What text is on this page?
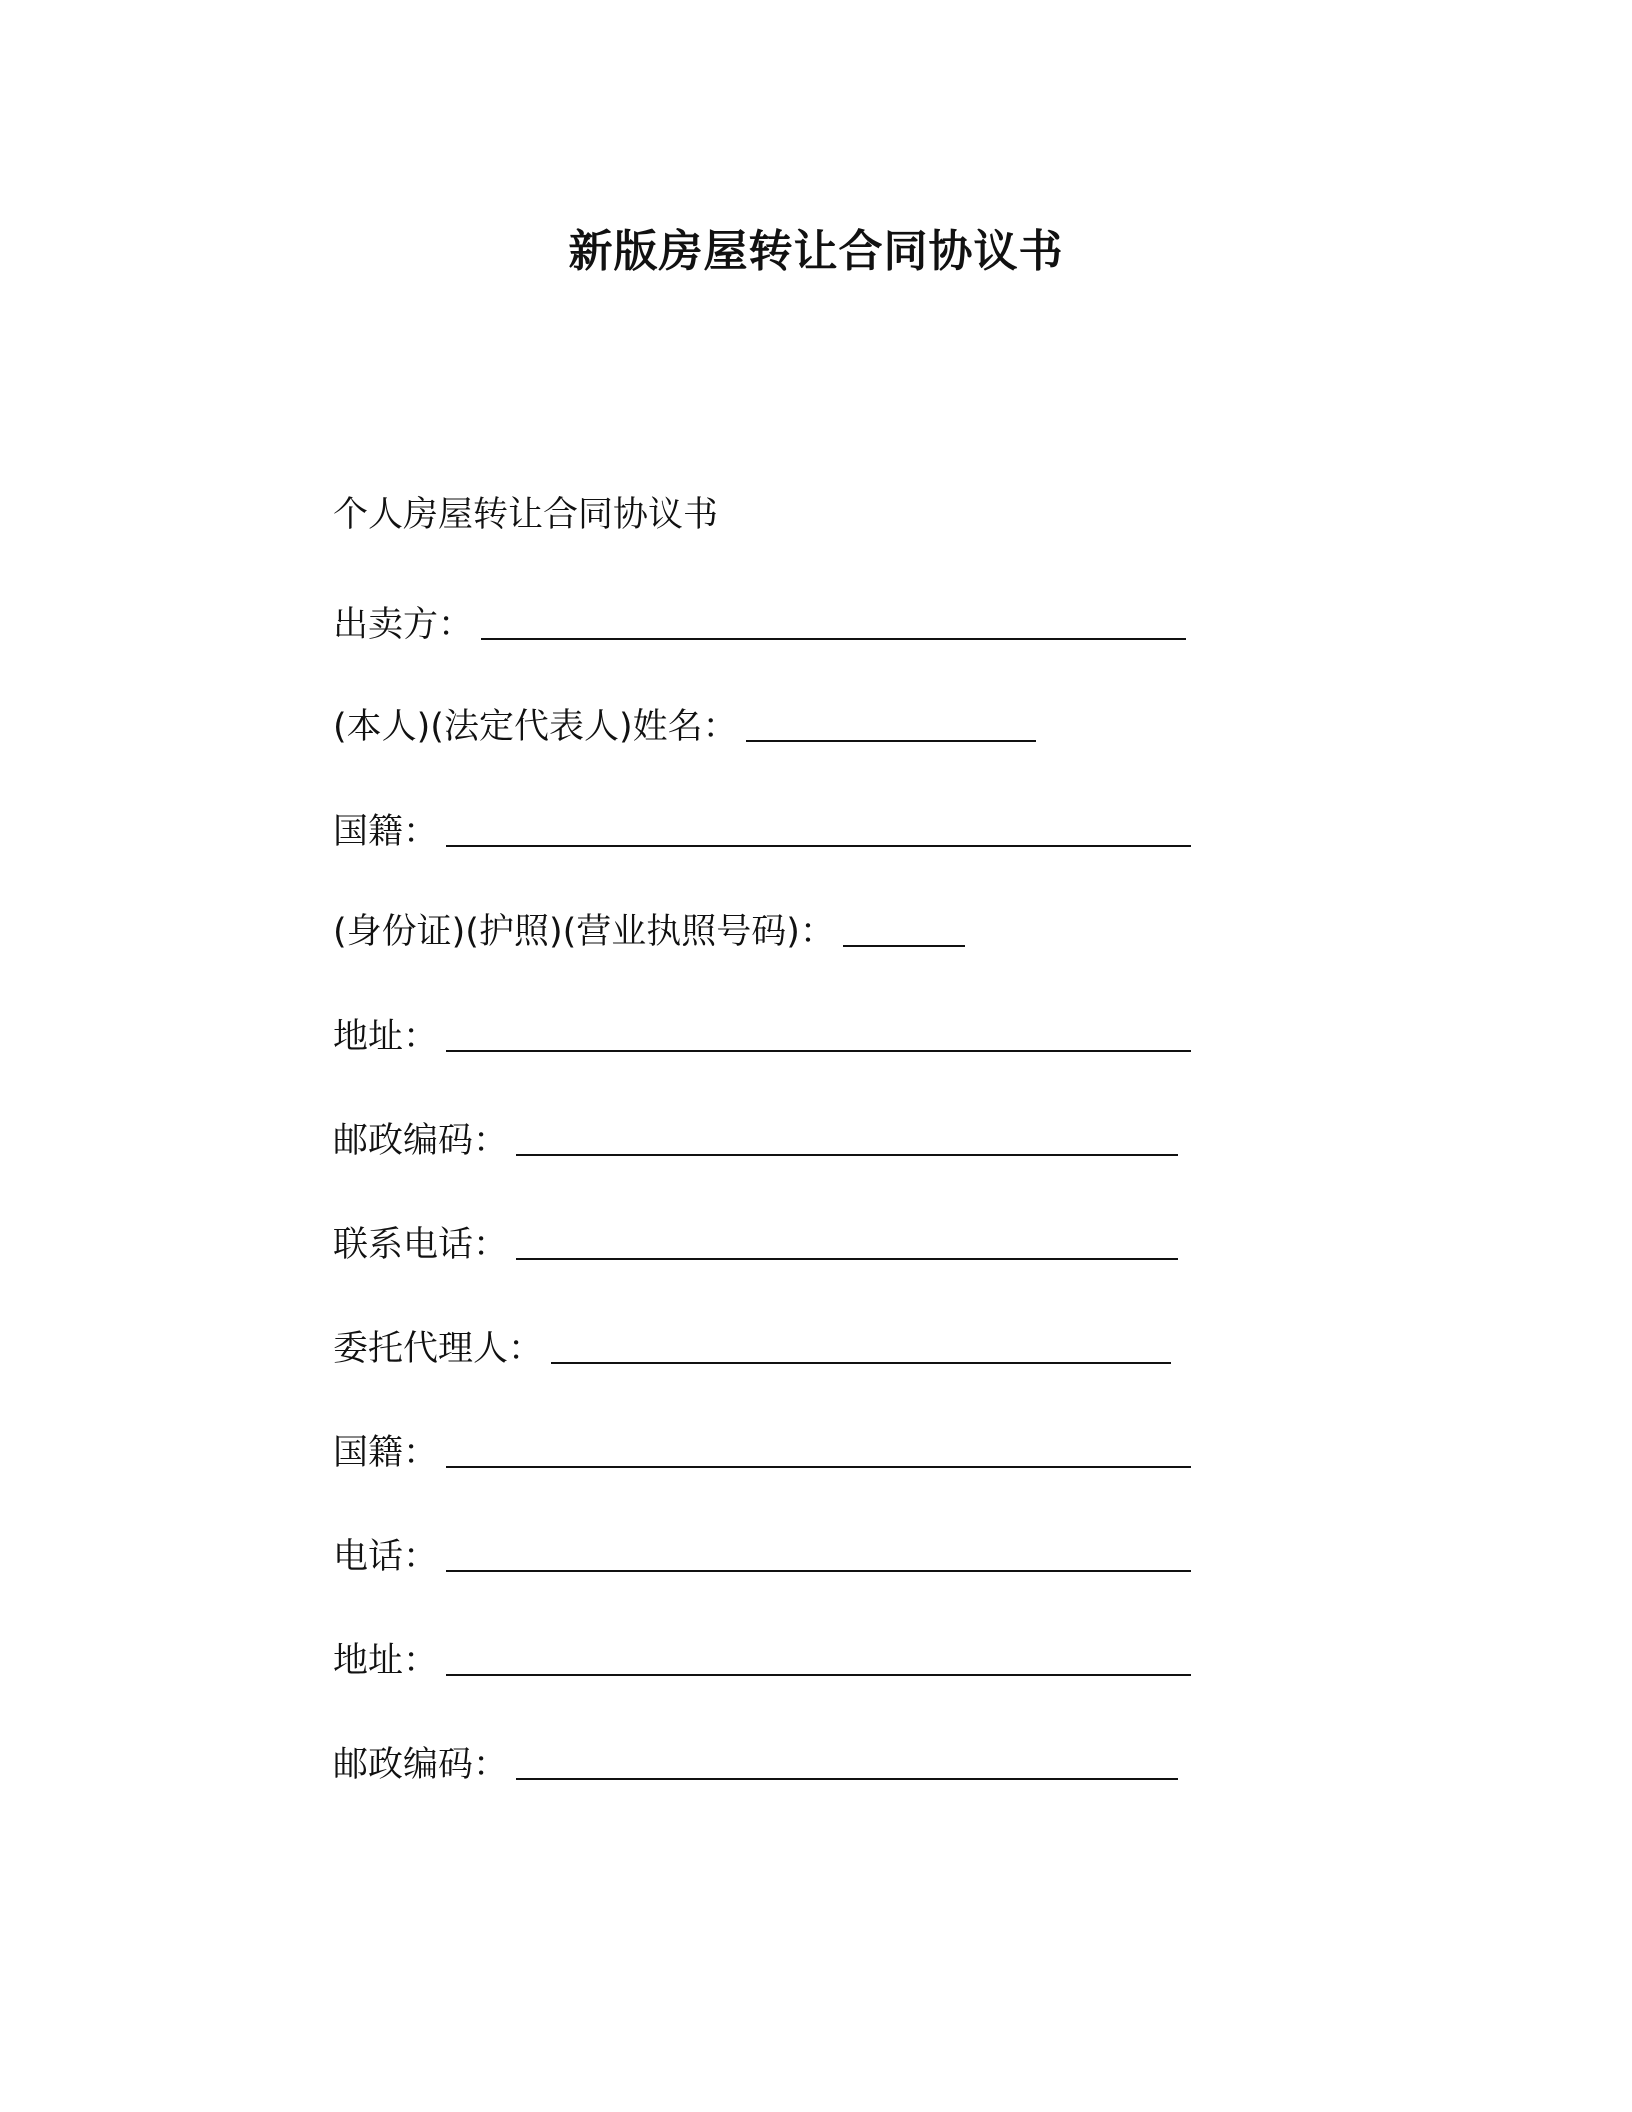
新版房屋转让合同协议书
个人房屋转让合同协议书
出卖方：
(本人)(法定代表人)姓名：
国籍：
(身份证)(护照)(营业执照号码)：
地址：
邮政编码：
联系电话：
委托代理人：
国籍：
电话：
地址：
邮政编码：
